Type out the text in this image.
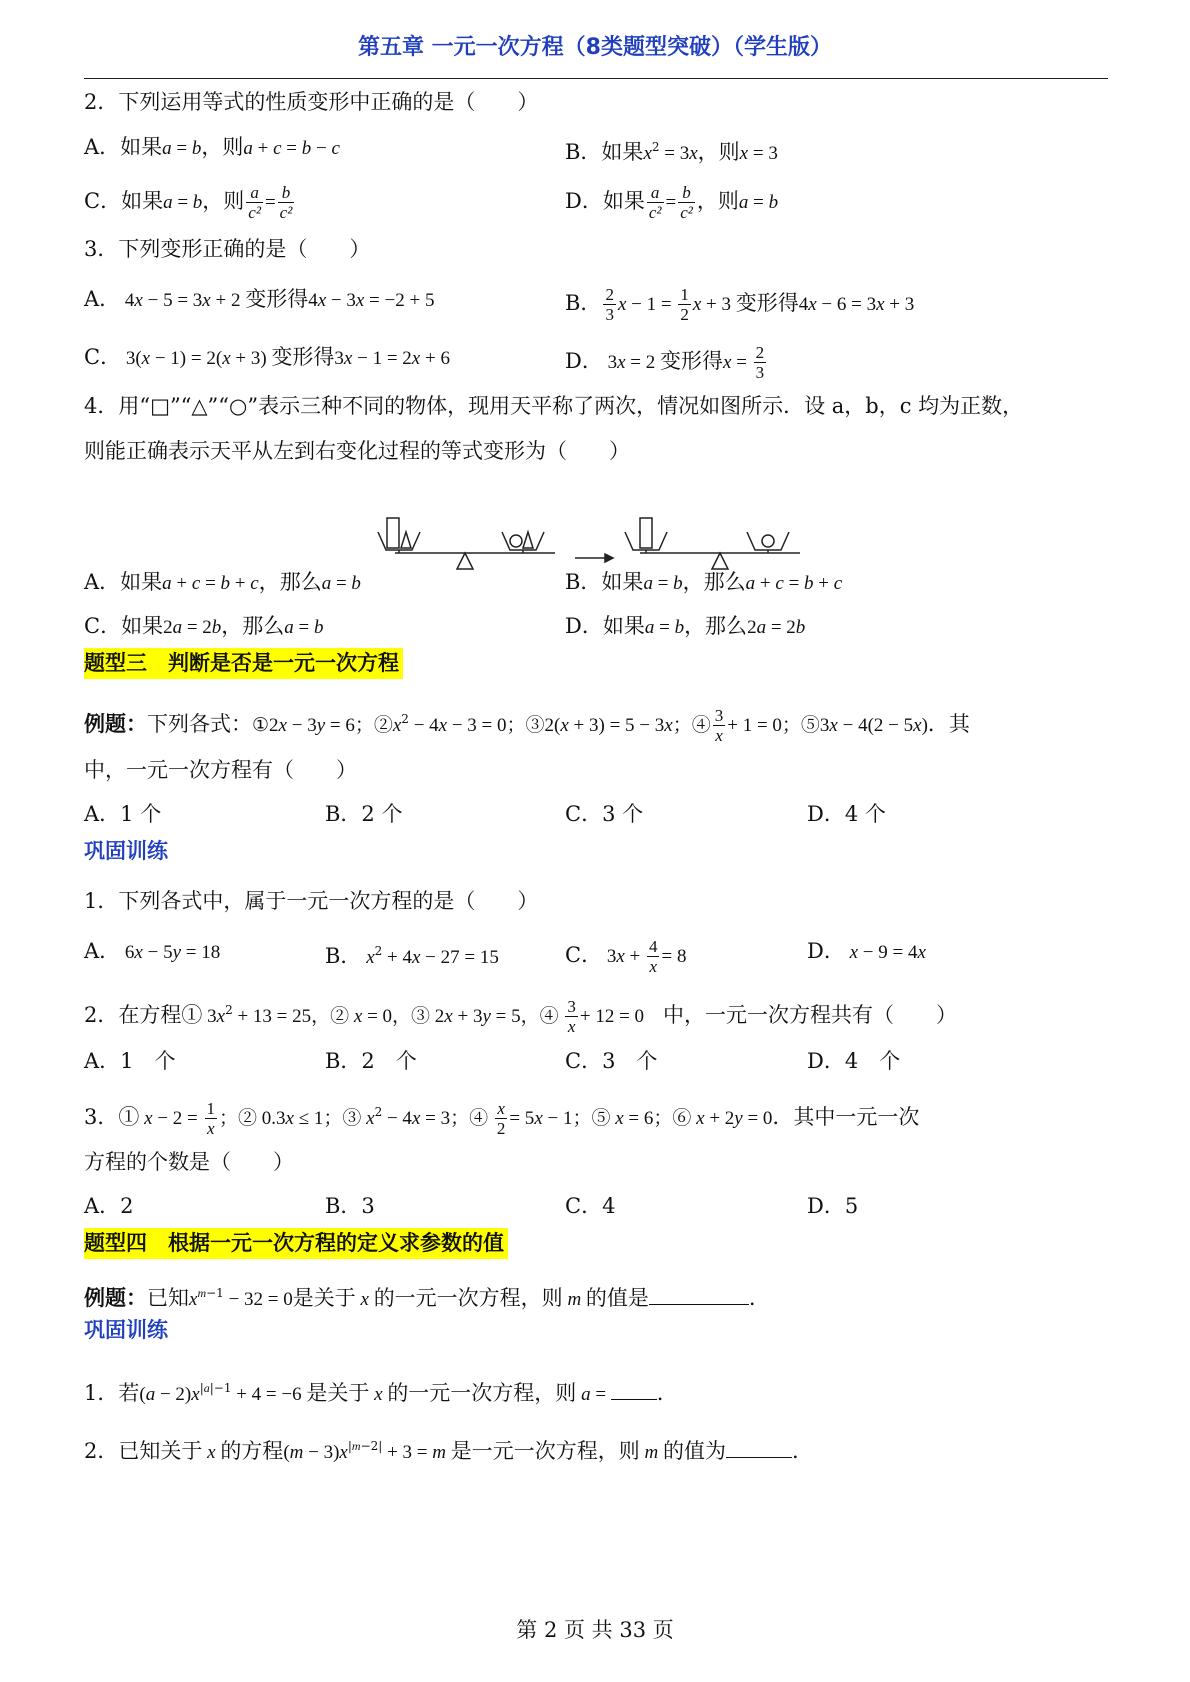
第五章 一元一次方程（8类题型突破）（学生版）
2．下列运用等式的性质变形中正确的是（　　）
A．如果a = b，则a + c = b − c	B．如果$x^2 = 3x$，则x = 3
C．如果a = b，则 $\frac{a}{\text{c²}} = \frac{b}{\text{c²}}$	D．如果 $\frac{a}{\text{c²}} = \frac{b}{\text{c²}}$ ，则a = b
3．下列变形正确的是（　　）
A． 4x − 5 = 3x + 2 变形得4x − 3x = −2 + 5	B． $\frac{2}{3}$ $x - 1 = \frac{1}{2}$ x + 3 变形得4x − 6 = 3x + 3
C． 3(x − 1) = 2(x + 3) 变形得3x − 1 = 2x + 6	D． 3x = 2 变形得$x = \frac{2}{3}$
4．用“□”“△”“○”表示三种不同的物体，现用天平称了两次，情况如图所示．设 a，b，c 均为正数，
则能正确表示天平从左到右变化过程的等式变形为（　　）
A．如果a + c = b + c，那么a = b	B．如果a = b，那么a + c = b + c
C．如果2a = 2b，那么a = b	D．如果a = b，那么2a = 2b
题型三　判断是否是一元一次方程
例题：下列各式：①2x − 3y = 6；$②x^2 - 4x - 3 = 0$；③2(x + 3) = 5 − 3x；④ $\frac{3}{x} + 1 = 0$；⑤3x − 4(2 − 5x)．其
中，一元一次方程有（　　）
A．1 个	B．2 个	C．3 个	D．4 个
巩固训练
1．下列各式中，属于一元一次方程的是（　　）
A． 6x − 5y = 18	B． $x^2 + 4x - 27 = 15$	C． $3x + \frac{4}{x} = 8$	D． x − 9 = 4x
2．在方程① $3x^2 + 13 = 25$，② x = 0，③ 2x + 3y = 5，④ $\frac{3}{x} + 12 = 0$　中，一元一次方程共有（　　）
A．1　个	B．2　个	C．3　个	D．4　个
3．① $x - 2 = \frac{1}{x}$ ；② 0.3x ≤ 1；③ $x^2 - 4x = 3$；④ $\frac{x}{2} = 5x - 1$；⑤ x = 6；⑥ x + 2y = 0．其中一元一次
方程的个数是（　　）
A．2	B．3	C．4	D．5
题型四　根据一元一次方程的定义求参数的值
例题：已知$x^{m-1} - 32 = 0$是关于 x 的一元一次方程，则 m 的值是	.
巩固训练
1．若$(a - 2)x^{|a|-1} + 4 = -6$ 是关于 x 的一元一次方程，则 a = .
2．已知关于 x 的方程$(m - 3)x^{|m-2|} + 3 = m$ 是一元一次方程，则 m 的值为	.
第 2 页 共 33 页
